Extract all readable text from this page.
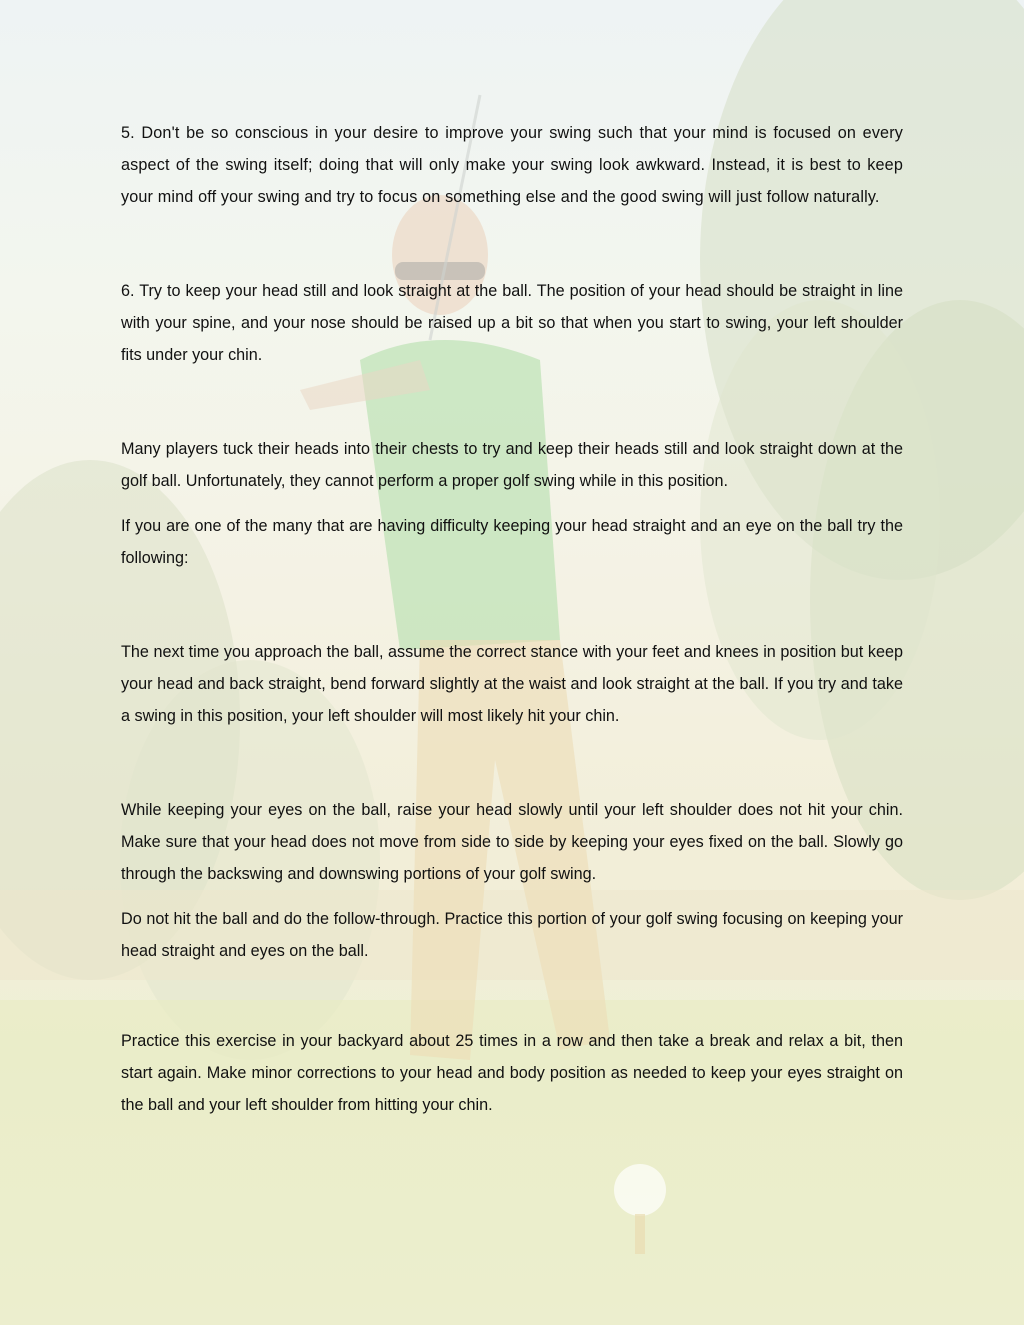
5. Don't be so conscious in your desire to improve your swing such that your mind is focused on every aspect of the swing itself; doing that will only make your swing look awkward. Instead, it is best to keep your mind off your swing and try to focus on something else and the good swing will just follow naturally.

6. Try to keep your head still and look straight at the ball. The position of your head should be straight in line with your spine, and your nose should be raised up a bit so that when you start to swing, your left shoulder fits under your chin.

Many players tuck their heads into their chests to try and keep their heads still and look straight down at the golf ball. Unfortunately, they cannot perform a proper golf swing while in this position.

If you are one of the many that are having difficulty keeping your head straight and an eye on the ball try the following:

The next time you approach the ball, assume the correct stance with your feet and knees in position but keep your head and back straight, bend forward slightly at the waist and look straight at the ball. If you try and take a swing in this position, your left shoulder will most likely hit your chin.

While keeping your eyes on the ball, raise your head slowly until your left shoulder does not hit your chin. Make sure that your head does not move from side to side by keeping your eyes fixed on the ball. Slowly go through the backswing and downswing portions of your golf swing.

Do not hit the ball and do the follow-through. Practice this portion of your golf swing focusing on keeping your head straight and eyes on the ball.

Practice this exercise in your backyard about 25 times in a row and then take a break and relax a bit, then start again. Make minor corrections to your head and body position as needed to keep your eyes straight on the ball and your left shoulder from hitting your chin.
